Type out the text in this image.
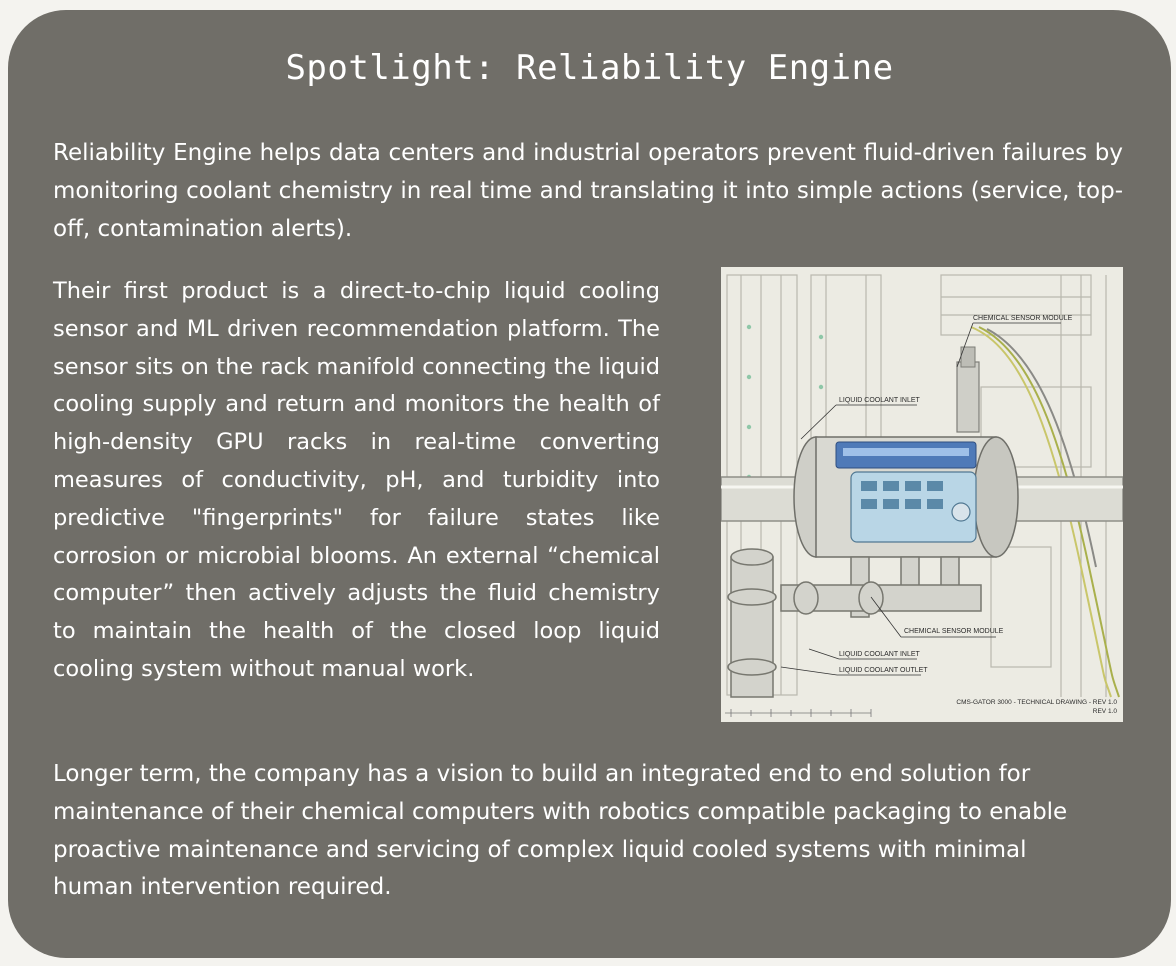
Spotlight: Reliability Engine

Reliability Engine helps data centers and industrial operators prevent fluid-driven failures by monitoring coolant chemistry in real time and translating it into simple actions (service, top-off, contamination alerts).

Their first product is a direct-to-chip liquid cooling sensor and ML driven recommendation platform. The sensor sits on the rack manifold connecting the liquid cooling supply and return and monitors the health of high-density GPU racks in real-time converting measures of conductivity, pH, and turbidity into predictive "fingerprints" for failure states like corrosion or microbial blooms. An external “chemical computer” then actively adjusts the fluid chemistry to maintain the health of the closed loop liquid cooling system without manual work.

CHEMICAL SENSOR MODULE
LIQUID COOLANT INLET
CHEMICAL SENSOR MODULE
LIQUID COOLANT INLET
LIQUID COOLANT OUTLET
CMS-GATOR 3000 - TECHNICAL DRAWING - REV 1.0
REV 1.0

Longer term, the company has a vision to build an integrated end to end solution for maintenance of their chemical computers with robotics compatible packaging to enable proactive maintenance and servicing of complex liquid cooled systems with minimal human intervention required.
